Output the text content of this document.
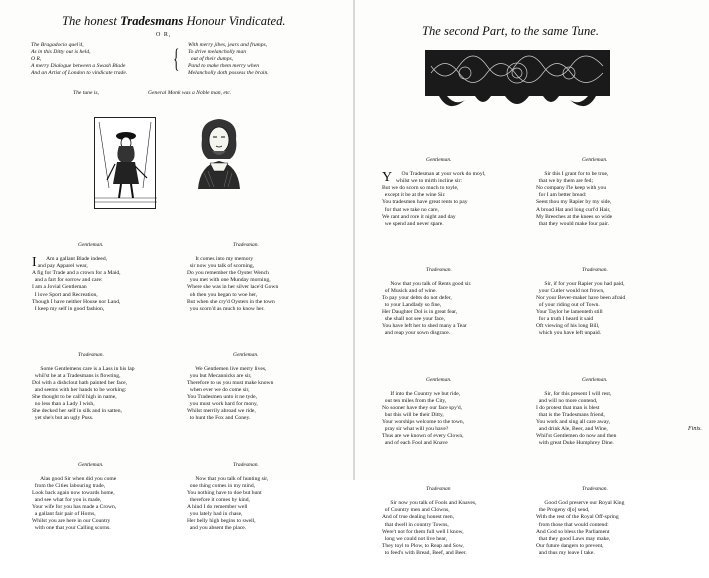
The honest Tradesmans Honour Vindicated.
O R,
The Bragadocio quel'd,
As in this Ditty out is held,
O R,
A merry Dialogue between a Swash Blade
And an Artist of London to vindicate trade.
{ With merry jibes, jears and frumps,
To drive melancholly man
out of their dumps,
Pand to make them merry when
Melancholly doth possess the brain.
The tune is,	General Monk was a Noble man, etc.

Gentleman.

I Am a gallant Blade indeed,
and pay Apparel wear,
A fig for Trade and a crown for a Maid,
and a fart for sorrow and care:
I am a Jovial Gentleman
I love Sport and Recreation,
Though I have neither House nor Land,
I keep my self in good fashion,

Tradesman.

Some Gentlemens care is a Lass in his lap
whil'st he at a Tradesmans is flowting,
Dol with a dishclout hath painted her face,
and seems with her hands to be working:
She thought to be call'd high in name,
no less than a Lady I wish,
She decked her self in silk and in satten,
yet she's but an ugly Puss.

Gentleman.

Alas good Sir when did you come
from the Cities labouring trade,
Look back again now towards home,
and see what for you is made,
Your wife for you has made a Crown,
a gallant fair pair of Horns,
Whilst you are here in our Country
with one that your Calling scorns.

Tradesman.

It comes into my memory
sir now you talk of scorning,
Do you remember the Oyster Wench
you met with one Munday morning,
Where she was in her silver lace'd Gown
oh then you began to woe her,
But when she cry'd Oysters in the town
you scorn'd as much to know her.

Gentleman.

We Gentlemen live merry lives,
you but Mecannicks are sir,
Therefore to us you must make known
when ever we do come sir,
You Tradesmen unto it ne tyde,
you must work hard for mony,
Whilst merrily abroad we ride,
to hunt the Fox and Coney.

Tradesman.

Now that you talk of hunting sir,
one thing comes in my mind,
You nothing have to doe but hunt
therefore it comes by kind,
A hind I do remember well
you lately had in chase,
Her belly high begins to swell,
and you absent the place.

The second Part, to the same Tune.

Gentleman.

Y Ou Tradesman at your work do moyl,
whilst we to mirth incline sir:
But we do scorn so much to toyle,
except it be at the wine Sir.
You tradesmen have great rents to pay
for that we take no care,
We rant and rore it night and day
we spend and never spare.

Tradesman.

Now that you talk of Rents good sir.
of Musick and of wine.
To pay your debts do not defer,
to your Landlady so fine,
Her Daughter Dol is in great fear,
she shall not see your face,
You have left her to shed many a Tear
and reap your sown disgrace.

Gentleman.

If into the Country we but ride,
out ten miles from the City,
No sooner have they our face spy'd,
but this will be their Ditty,
Your worships welcome to the town,
pray sir what will you have?
Thus are we known of every Clown,
and of each Fool and Knave

Tradesman

Sir now you talk of Fools and Knaves,
of Country men and Clowns,
And of true dealing honest men,
that dwell in country Towns,
Were't not for them full well I know,
long we could not live hear,
They toyl to Plow, to Reap and Sow,
to feed's with Bread, Beef, and Beer.

Gentleman.

Sir this I grant for to be true,
that we by them are fed;
No company I'le keep with you
for I am better bread:
Seest thou my Rapier by my side,
A broad Hat and long curl'd Hair,
My Breeches at the knees so wide
that they would make four pair.

Tradesman.

Sir, if for your Rapier you had paid,
your Cutler would not frown,
Nor your Bever-maker have been afraid
of your riding out of Town.
Your Taylor he lamenteth still
for a truth I heard it said
Oft viewing of his long Bill,
which you have left unpaid.

Gentleman.

Sir, for this present I will rest,
and will no more contend,
I do protest that man is blest
that is the Tradesmans friend,
You work and sing all care away,
and drink Ale, Beer, and Wine,
Whil'st Gentlemen do now and then
with great Duke Humphrey Dine.

Tradesman.

Good God preserve our Royal King
the Progeny d[o] send,
With the rest of the Royal Off-spring
from those that would contend:
And God so bless the Parliament
that they good Laws may make,
Our future dangers to prevent,
and thus my leave I take.

Finis.
